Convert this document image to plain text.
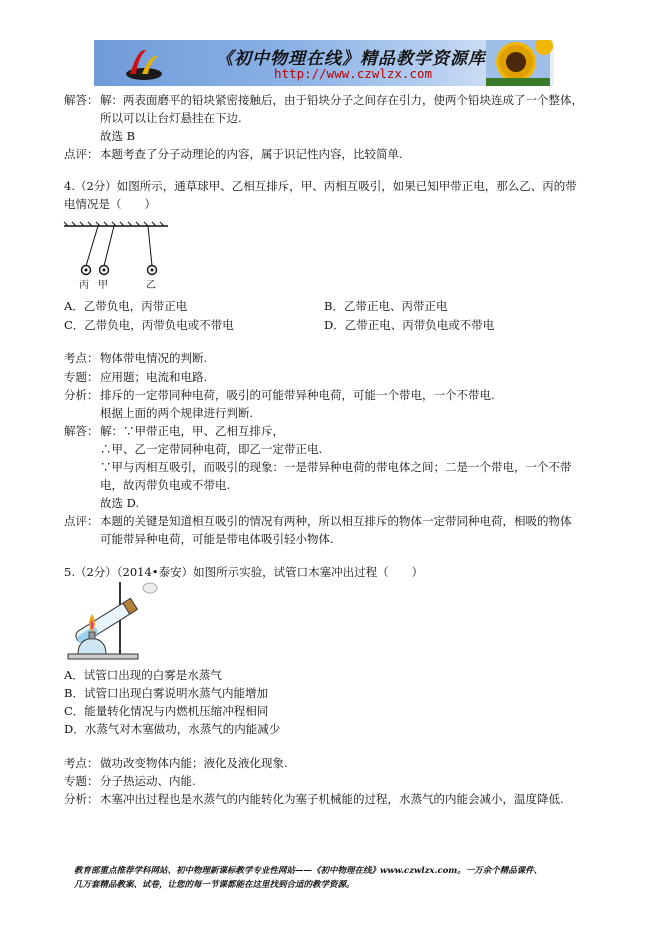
《初中物理在线》精品教学资源库
http://www.czwlzx.com
解答： 解：两表面磨平的铅块紧密接触后，由于铅块分子之间存在引力，使两个铅块连成了一个整体，
所以可以让台灯悬挂在下边.
故选 B
点评： 本题考查了分子动理论的内容，属于识记性内容，比较简单.
4.（2分）如图所示，通草球甲、乙相互排斥，甲、丙相互吸引，如果已知甲带正电，那么乙、丙的带
电情况是（　　）
丙 甲	乙
A．乙带负电，丙带正电	B．乙带正电、丙带正电
C．乙带负电，丙带负电或不带电	D．乙带正电、丙带负电或不带电
考点： 物体带电情况的判断.
专题： 应用题；电流和电路.
分析： 排斥的一定带同种电荷，吸引的可能带异种电荷，可能一个带电，一个不带电.
根据上面的两个规律进行判断.
解答： 解：∵甲带正电，甲、乙相互排斥，
∴甲、乙一定带同种电荷，即乙一定带正电.
∵甲与丙相互吸引，而吸引的现象：一是带异种电荷的带电体之间；二是一个带电，一个不带
电，故丙带负电或不带电.
故选 D.
点评： 本题的关键是知道相互吸引的情况有两种，所以相互排斥的物体一定带同种电荷，相吸的物体
可能带异种电荷，可能是带电体吸引轻小物体.
5.（2分）（2014•泰安）如图所示实验，试管口木塞冲出过程（　　）
A．试管口出现的白雾是水蒸气
B．试管口出现白雾说明水蒸气内能增加
C．能量转化情况与内燃机压缩冲程相同
D．水蒸气对木塞做功，水蒸气的内能减少
考点： 做功改变物体内能；液化及液化现象.
专题： 分子热运动、内能.
分析： 木塞冲出过程也是水蒸气的内能转化为塞子机械能的过程，水蒸气的内能会减小，温度降低.
教育部重点推荐学科网站、初中物理新课标教学专业性网站——《初中物理在线》www.czwlzx.com。一万余个精品课件、
几万套精品教案、试卷，让您的每一节课都能在这里找到合适的教学资源。
